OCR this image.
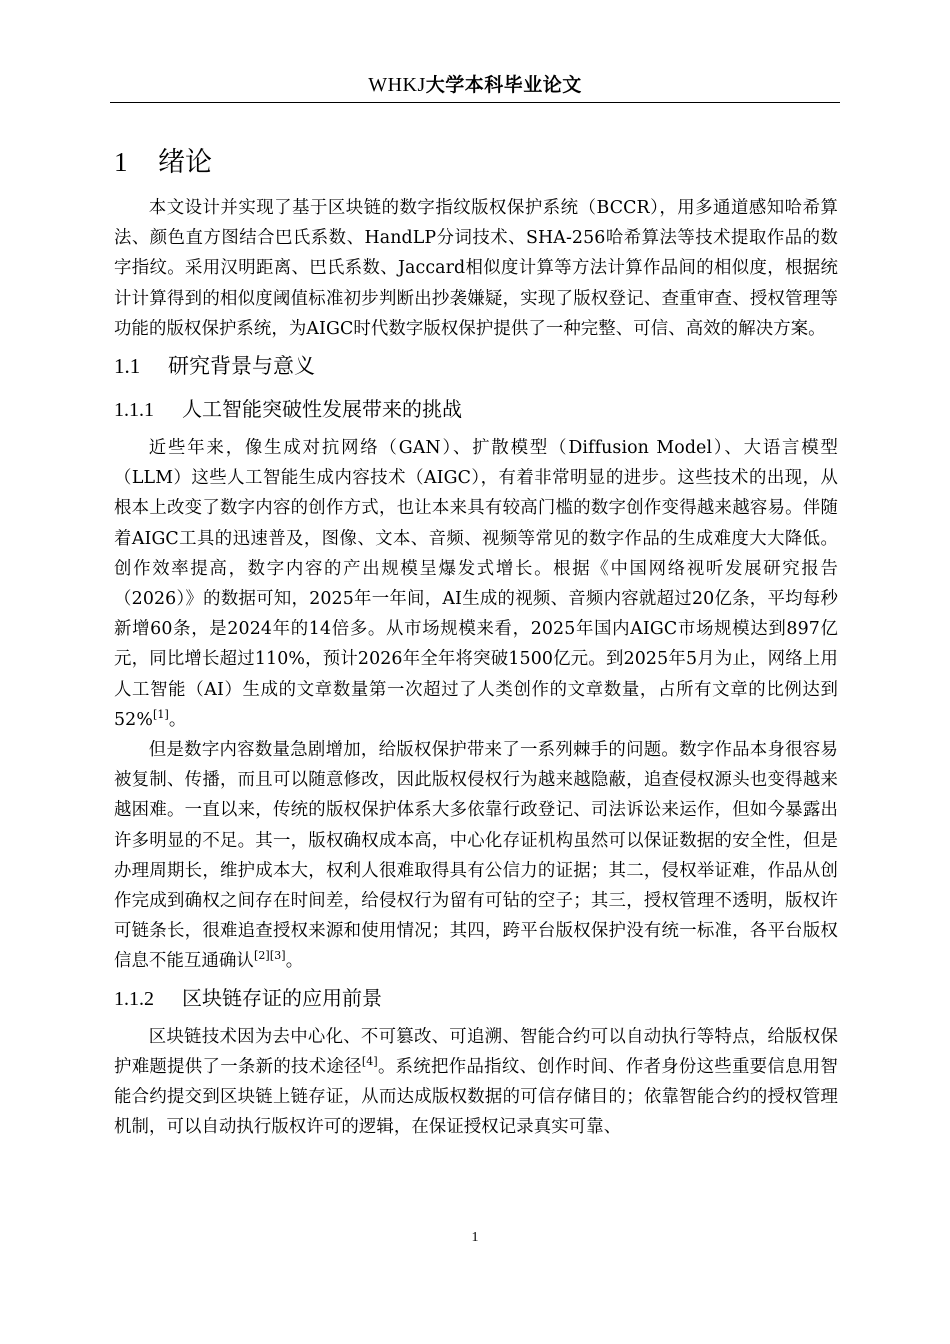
WHKJ大学本科毕业论文
1 绪论

本文设计并实现了基于区块链的数字指纹版权保护系统（BCCR），用多通道感知哈希算法、颜色直方图结合巴氏系数、HandLP分词技术、SHA-256哈希算法等技术提取作品的数字指纹。采用汉明距离、巴氏系数、Jaccard相似度计算等方法计算作品间的相似度，根据统计计算得到的相似度阈值标准初步判断出抄袭嫌疑，实现了版权登记、查重审查、授权管理等功能的版权保护系统，为AIGC时代数字版权保护提供了一种完整、可信、高效的解决方案。

1.1 研究背景与意义
1.1.1 人工智能突破性发展带来的挑战

近些年来，像生成对抗网络（GAN）、扩散模型（Diffusion Model）、大语言模型（LLM）这些人工智能生成内容技术（AIGC），有着非常明显的进步。这些技术的出现，从根本上改变了数字内容的创作方式，也让本来具有较高门槛的数字创作变得越来越容易。伴随着AIGC工具的迅速普及，图像、文本、音频、视频等常见的数字作品的生成难度大大降低。创作效率提高，数字内容的产出规模呈爆发式增长。根据《中国网络视听发展研究报告（2026）》的数据可知，2025年一年间，AI生成的视频、音频内容就超过20亿条，平均每秒新增60条，是2024年的14倍多。从市场规模来看，2025年国内AIGC市场规模达到897亿元，同比增长超过110%，预计2026年全年将突破1500亿元。到2025年5月为止，网络上用人工智能（AI）生成的文章数量第一次超过了人类创作的文章数量，占所有文章的比例达到52%[1]。

但是数字内容数量急剧增加，给版权保护带来了一系列棘手的问题。数字作品本身很容易被复制、传播，而且可以随意修改，因此版权侵权行为越来越隐蔽，追查侵权源头也变得越来越困难。一直以来，传统的版权保护体系大多依靠行政登记、司法诉讼来运作，但如今暴露出许多明显的不足。其一，版权确权成本高，中心化存证机构虽然可以保证数据的安全性，但是办理周期长，维护成本大，权利人很难取得具有公信力的证据；其二，侵权举证难，作品从创作完成到确权之间存在时间差，给侵权行为留有可钻的空子；其三，授权管理不透明，版权许可链条长，很难追查授权来源和使用情况；其四，跨平台版权保护没有统一标准，各平台版权信息不能互通确认[2][3]。

1.1.2 区块链存证的应用前景

区块链技术因为去中心化、不可篡改、可追溯、智能合约可以自动执行等特点，给版权保护难题提供了一条新的技术途径[4]。系统把作品指纹、创作时间、作者身份这些重要信息用智能合约提交到区块链上链存证，从而达成版权数据的可信存储目的；依靠智能合约的授权管理机制，可以自动执行版权许可的逻辑，在保证授权记录真实可靠、

1
